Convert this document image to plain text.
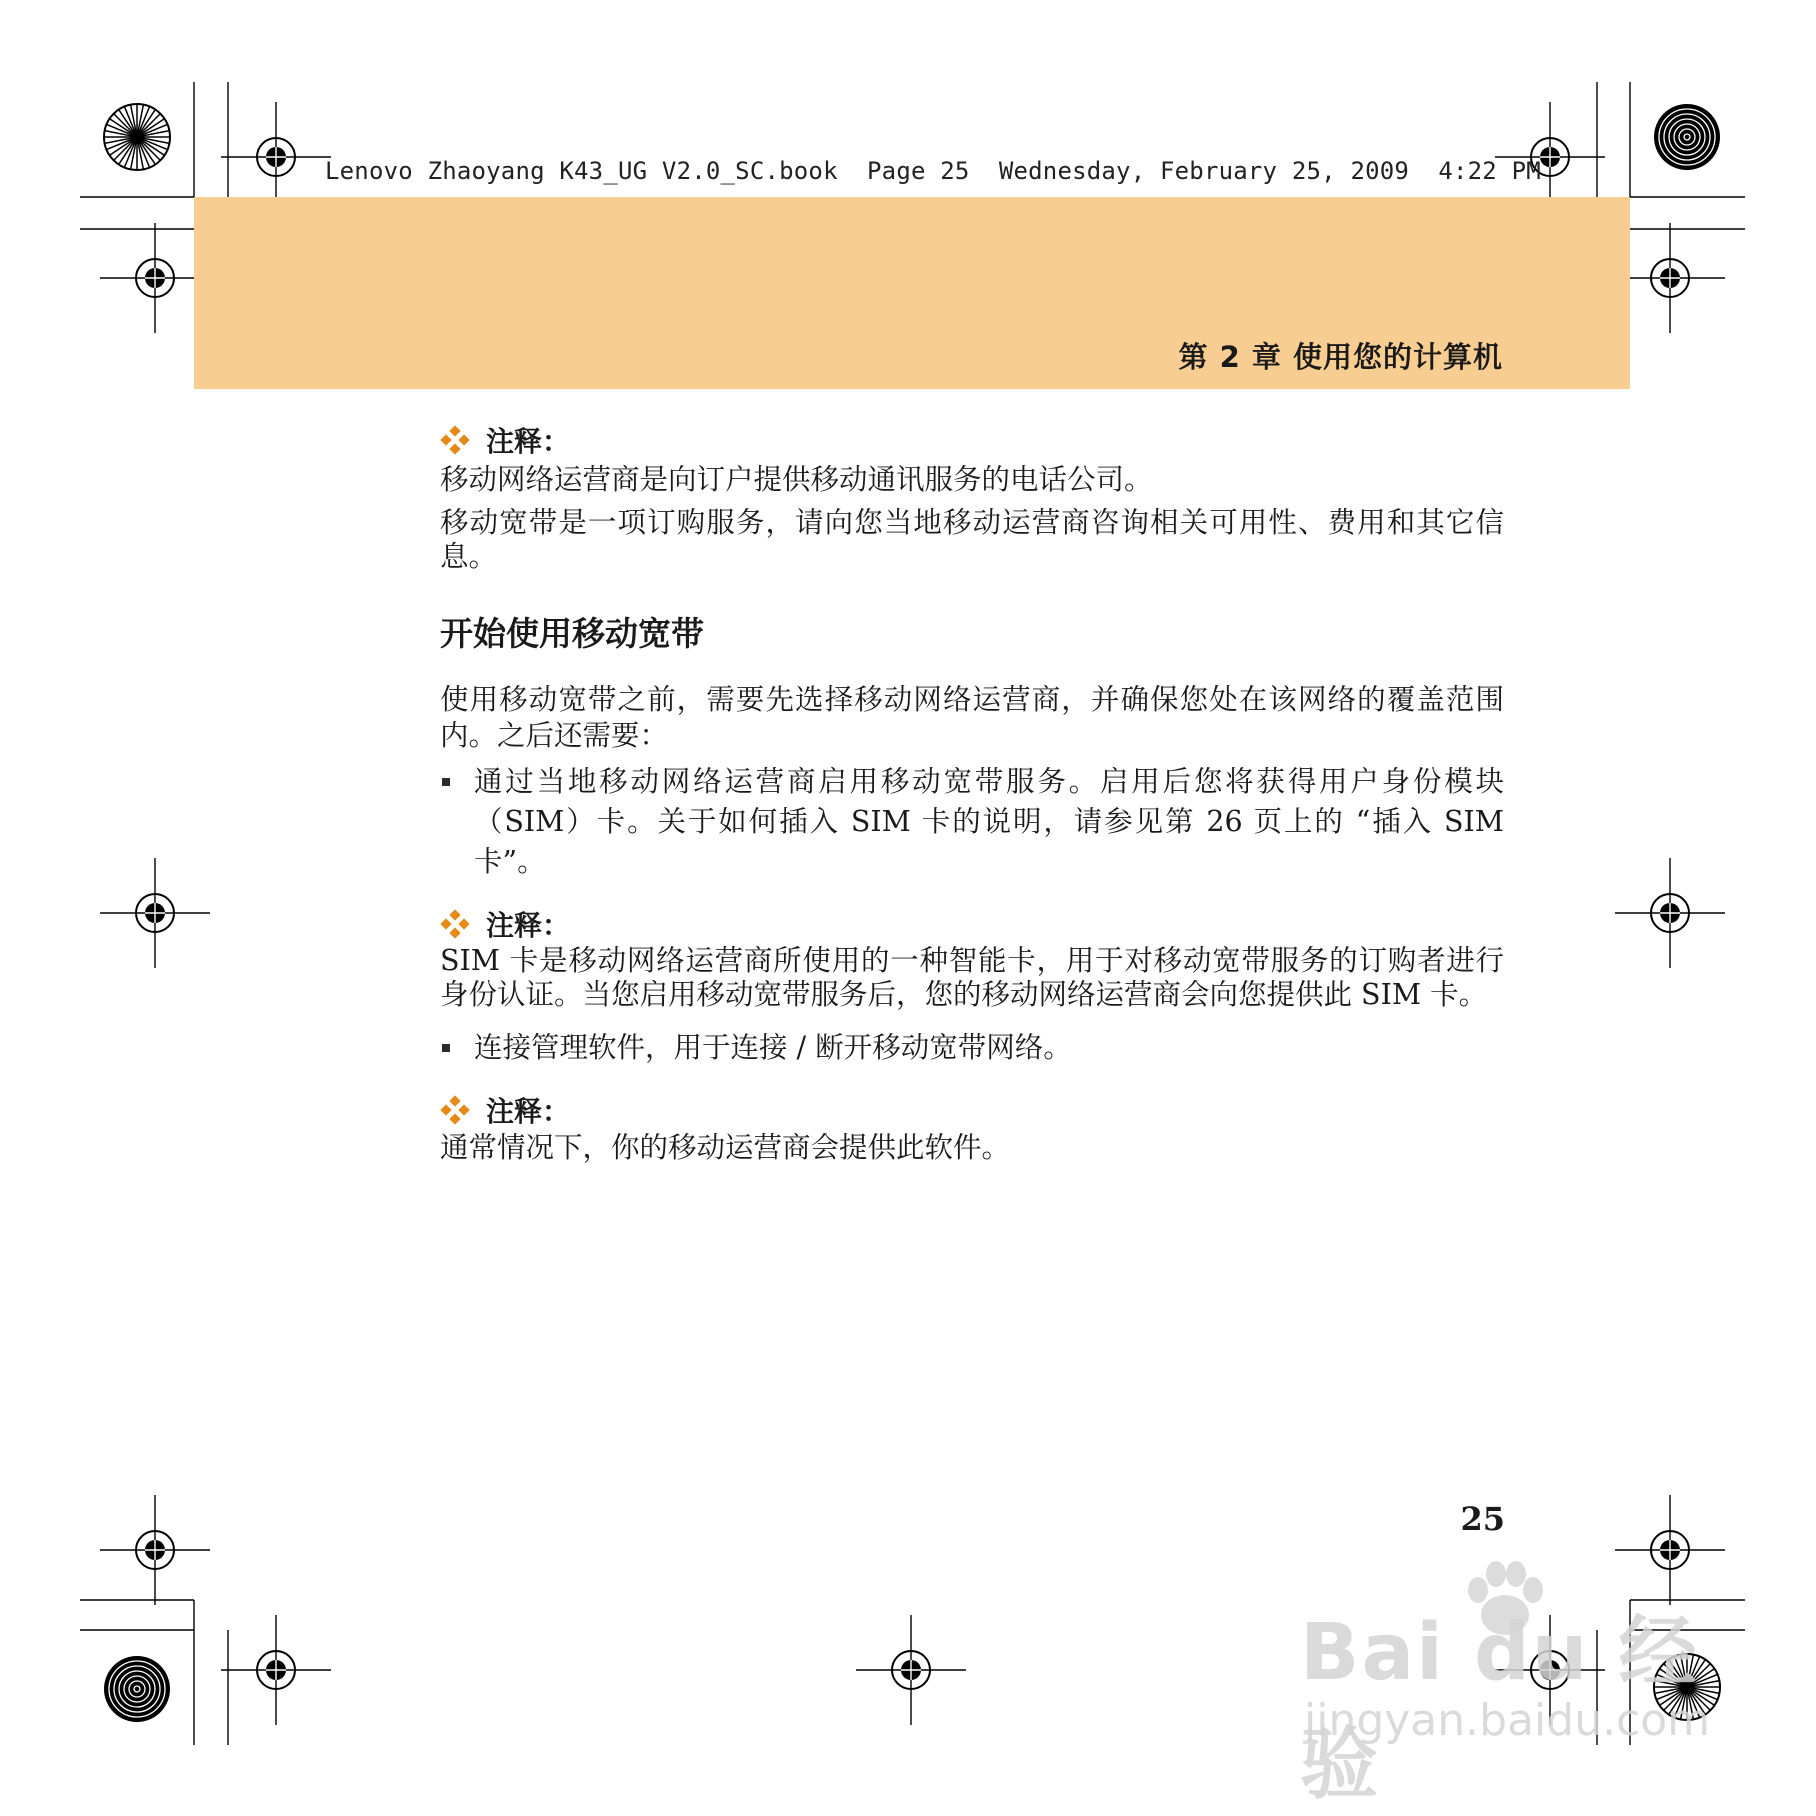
Lenovo Zhaoyang K43_UG V2.0_SC.book  Page 25  Wednesday, February 25, 2009  4:22 PM
第 2 章 使用您的计算机
注释：

移动网络运营商是向订户提供移动通讯服务的电话公司。

移动宽带是一项订购服务，请向您当地移动运营商咨询相关可用性、费用和其它信息。

开始使用移动宽带

使用移动宽带之前，需要先选择移动网络运营商，并确保您处在该网络的覆盖范围内。之后还需要：

通过当地移动网络运营商启用移动宽带服务。启用后您将获得用户身份模块 （SIM）卡。关于如何插入 SIM 卡的说明，请参见第 26 页上的 “插入 SIM 卡”。
注释：

SIM 卡是移动网络运营商所使用的一种智能卡，用于对移动宽带服务的订购者进行身份认证。当您启用移动宽带服务后，您的移动网络运营商会向您提供此 SIM 卡。

连接管理软件，用于连接 / 断开移动宽带网络。
注释：

通常情况下，你的移动运营商会提供此软件。

25
Bai du 经验
jingyan.baidu.com
